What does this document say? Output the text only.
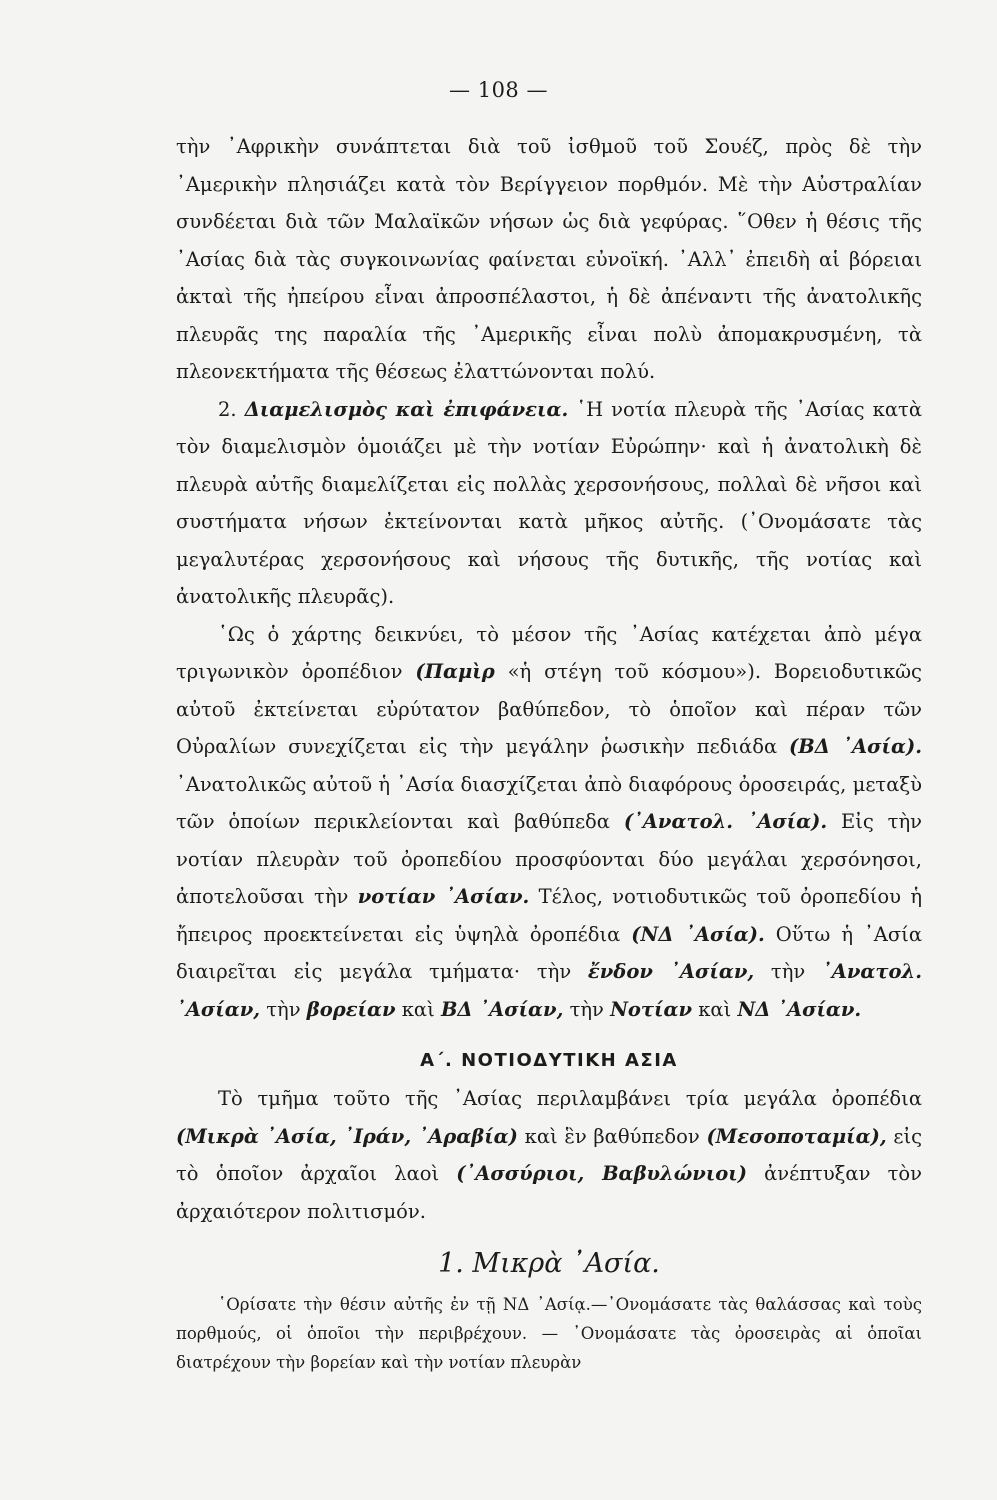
— 108 —

τὴν ᾿Αφρικὴν συνάπτεται διὰ τοῦ ἰσθμοῦ τοῦ Σουέζ, πρὸς δὲ τὴν ᾿Αμερικὴν πλησιάζει κατὰ τὸν Βερίγγειον πορθμόν. Μὲ τὴν Αὐστραλίαν συνδέεται διὰ τῶν Μαλαϊκῶν νήσων ὡς διὰ γεφύρας. ῞Οθεν ἡ θέσις τῆς ᾿Ασίας διὰ τὰς συγκοινωνίας φαίνεται εὐνοϊκή. ᾿Αλλ᾿ ἐπειδὴ αἱ βόρειαι ἀκταὶ τῆς ἠπείρου εἶναι ἀπροσπέλαστοι, ἡ δὲ ἀπέναντι τῆς ἀνατολικῆς πλευρᾶς της παραλία τῆς ᾿Αμερικῆς εἶναι πολὺ ἀπομακρυσμένη, τὰ πλεονεκτήματα τῆς θέσεως ἐλαττώνονται πολύ.

2. Διαμελισμὸς καὶ ἐπιφάνεια. ῾Η νοτία πλευρὰ τῆς ᾿Ασίας κατὰ τὸν διαμελισμὸν ὁμοιάζει μὲ τὴν νοτίαν Εὐρώπην· καὶ ἡ ἀνατολικὴ δὲ πλευρὰ αὐτῆς διαμελίζεται εἰς πολλὰς χερσονήσους, πολλαὶ δὲ νῆσοι καὶ συστήματα νήσων ἐκτείνονται κατὰ μῆκος αὐτῆς. (᾿Ονομάσατε τὰς μεγαλυτέρας χερσονήσους καὶ νήσους τῆς δυτικῆς, τῆς νοτίας καὶ ἀνατολικῆς πλευρᾶς).

῾Ως ὁ χάρτης δεικνύει, τὸ μέσον τῆς ᾿Ασίας κατέχεται ἀπὸ μέγα τριγωνικὸν ὀροπέδιον (Παμὶρ «ἡ στέγη τοῦ κόσμου»). Βορειοδυτικῶς αὐτοῦ ἐκτείνεται εὐρύτατον βαθύπεδον, τὸ ὁποῖον καὶ πέραν τῶν Οὐραλίων συνεχίζεται εἰς τὴν μεγάλην ῥωσικὴν πεδιάδα (ΒΔ ᾿Ασία). ᾿Ανατολικῶς αὐτοῦ ἡ ᾿Ασία διασχίζεται ἀπὸ διαφόρους ὀροσειράς, μεταξὺ τῶν ὁποίων περικλείονται καὶ βαθύπεδα (᾿Ανατολ. ᾿Ασία). Εἰς τὴν νοτίαν πλευρὰν τοῦ ὀροπεδίου προσφύονται δύο μεγάλαι χερσόνησοι, ἀποτελοῦσαι τὴν νοτίαν ᾿Ασίαν. Τέλος, νοτιοδυτικῶς τοῦ ὀροπεδίου ἡ ἤπειρος προεκτείνεται εἰς ὑψηλὰ ὀροπέδια (ΝΔ ᾿Ασία). Οὕτω ἡ ᾿Ασία διαιρεῖται εἰς μεγάλα τμήματα· τὴν ἔνδον ᾿Ασίαν, τὴν ᾿Ανατολ. ᾿Ασίαν, τὴν βορείαν καὶ ΒΔ ᾿Ασίαν, τὴν Νοτίαν καὶ ΝΔ ᾿Ασίαν.

Α΄. ΝΟΤΙΟΔΥΤΙΚΗ ΑΣΙΑ

Τὸ τμῆμα τοῦτο τῆς ᾿Ασίας περιλαμβάνει τρία μεγάλα ὀροπέδια (Μικρὰ ᾿Ασία, ᾿Ιράν, ᾿Αραβία) καὶ ἓν βαθύπεδον (Μεσοποταμία), εἰς τὸ ὁποῖον ἀρχαῖοι λαοὶ (᾿Ασσύριοι, Βαβυλώνιοι) ἀνέπτυξαν τὸν ἀρχαιότερον πολιτισμόν.

1. Μικρὰ ᾿Ασία.

῾Ορίσατε τὴν θέσιν αὐτῆς ἐν τῇ ΝΔ ᾿Ασίᾳ.—᾿Ονομάσατε τὰς θαλάσσας καὶ τοὺς πορθμούς, οἱ ὁποῖοι τὴν περιβρέχουν. — ᾿Ονομάσατε τὰς ὀροσειρὰς αἱ ὁποῖαι διατρέχουν τὴν βορείαν καὶ τὴν νοτίαν πλευρὰν
